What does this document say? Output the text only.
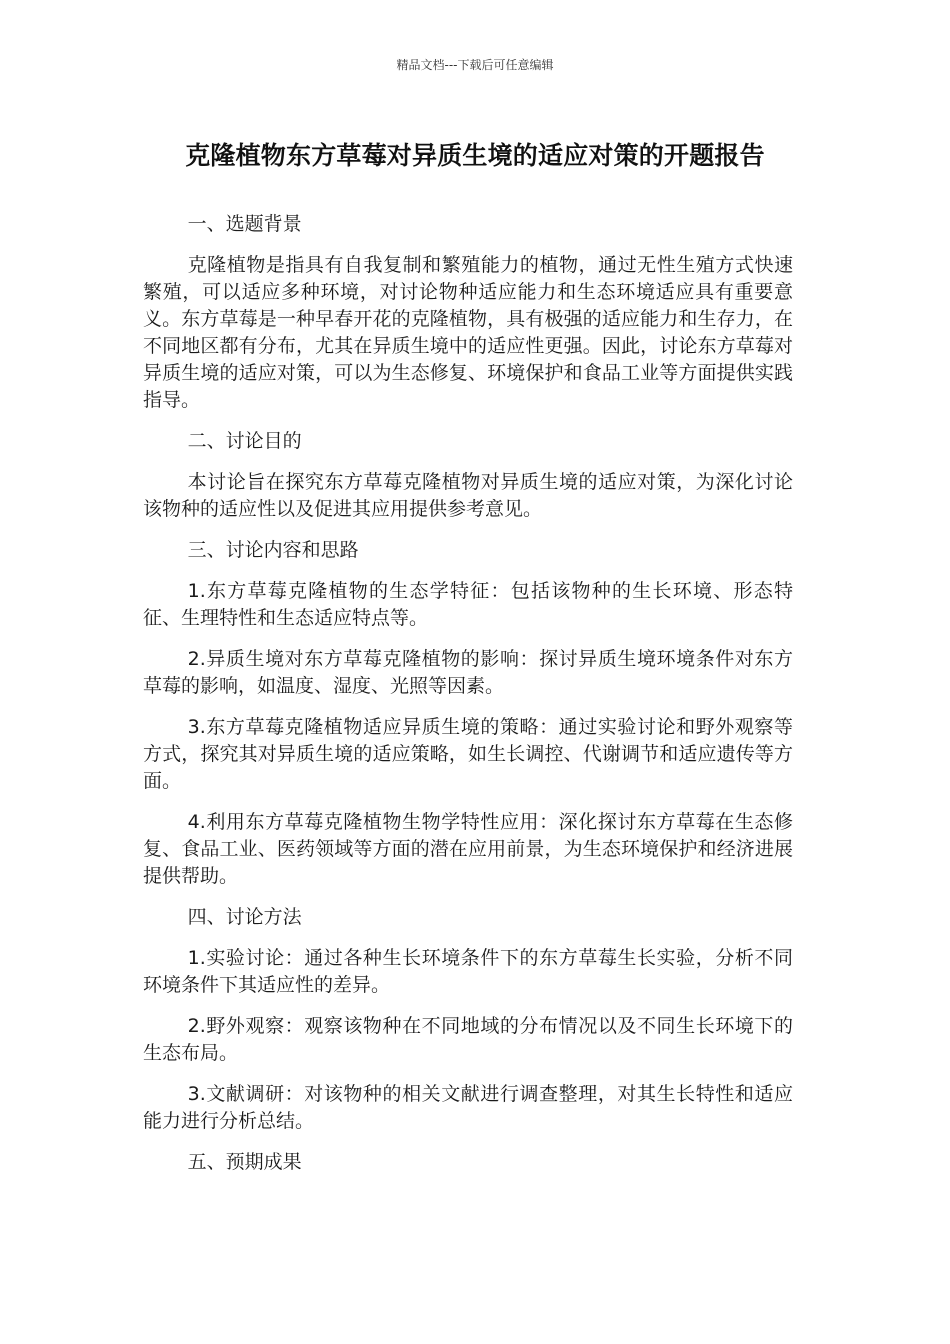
精品文档---下载后可任意编辑
克隆植物东方草莓对异质生境的适应对策的开题报告

一、选题背景

克隆植物是指具有自我复制和繁殖能力的植物，通过无性生殖方式快速繁殖，可以适应多种环境，对讨论物种适应能力和生态环境适应具有重要意义。东方草莓是一种早春开花的克隆植物，具有极强的适应能力和生存力，在不同地区都有分布，尤其在异质生境中的适应性更强。因此，讨论东方草莓对异质生境的适应对策，可以为生态修复、环境保护和食品工业等方面提供实践指导。

二、讨论目的

本讨论旨在探究东方草莓克隆植物对异质生境的适应对策，为深化讨论该物种的适应性以及促进其应用提供参考意见。

三、讨论内容和思路

1.东方草莓克隆植物的生态学特征：包括该物种的生长环境、形态特征、生理特性和生态适应特点等。

2.异质生境对东方草莓克隆植物的影响：探讨异质生境环境条件对东方草莓的影响，如温度、湿度、光照等因素。

3.东方草莓克隆植物适应异质生境的策略：通过实验讨论和野外观察等方式，探究其对异质生境的适应策略，如生长调控、代谢调节和适应遗传等方面。

4.利用东方草莓克隆植物生物学特性应用：深化探讨东方草莓在生态修复、食品工业、医药领域等方面的潜在应用前景，为生态环境保护和经济进展提供帮助。

四、讨论方法

1.实验讨论：通过各种生长环境条件下的东方草莓生长实验，分析不同环境条件下其适应性的差异。

2.野外观察：观察该物种在不同地域的分布情况以及不同生长环境下的生态布局。

3.文献调研：对该物种的相关文献进行调查整理，对其生长特性和适应能力进行分析总结。

五、预期成果
